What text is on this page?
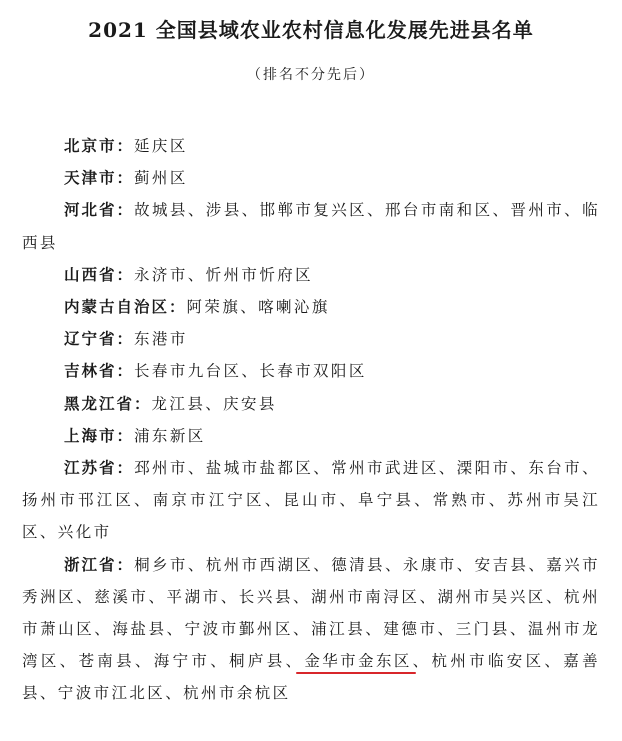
2021 全国县域农业农村信息化发展先进县名单
（排名不分先后）
北京市：延庆区
天津市：蓟州区
河北省：故城县、涉县、邯郸市复兴区、邢台市南和区、晋州市、临西县
山西省：永济市、忻州市忻府区
内蒙古自治区：阿荣旗、喀喇沁旗
辽宁省：东港市
吉林省：长春市九台区、长春市双阳区
黑龙江省：龙江县、庆安县
上海市：浦东新区
江苏省：邳州市、盐城市盐都区、常州市武进区、溧阳市、东台市、扬州市邗江区、南京市江宁区、昆山市、阜宁县、常熟市、苏州市吴江区、兴化市
浙江省：桐乡市、杭州市西湖区、德清县、永康市、安吉县、嘉兴市秀洲区、慈溪市、平湖市、长兴县、湖州市南浔区、湖州市吴兴区、杭州市萧山区、海盐县、宁波市鄞州区、浦江县、建德市、三门县、温州市龙湾区、苍南县、海宁市、桐庐县、金华市金东区、杭州市临安区、嘉善县、宁波市江北区、杭州市余杭区
